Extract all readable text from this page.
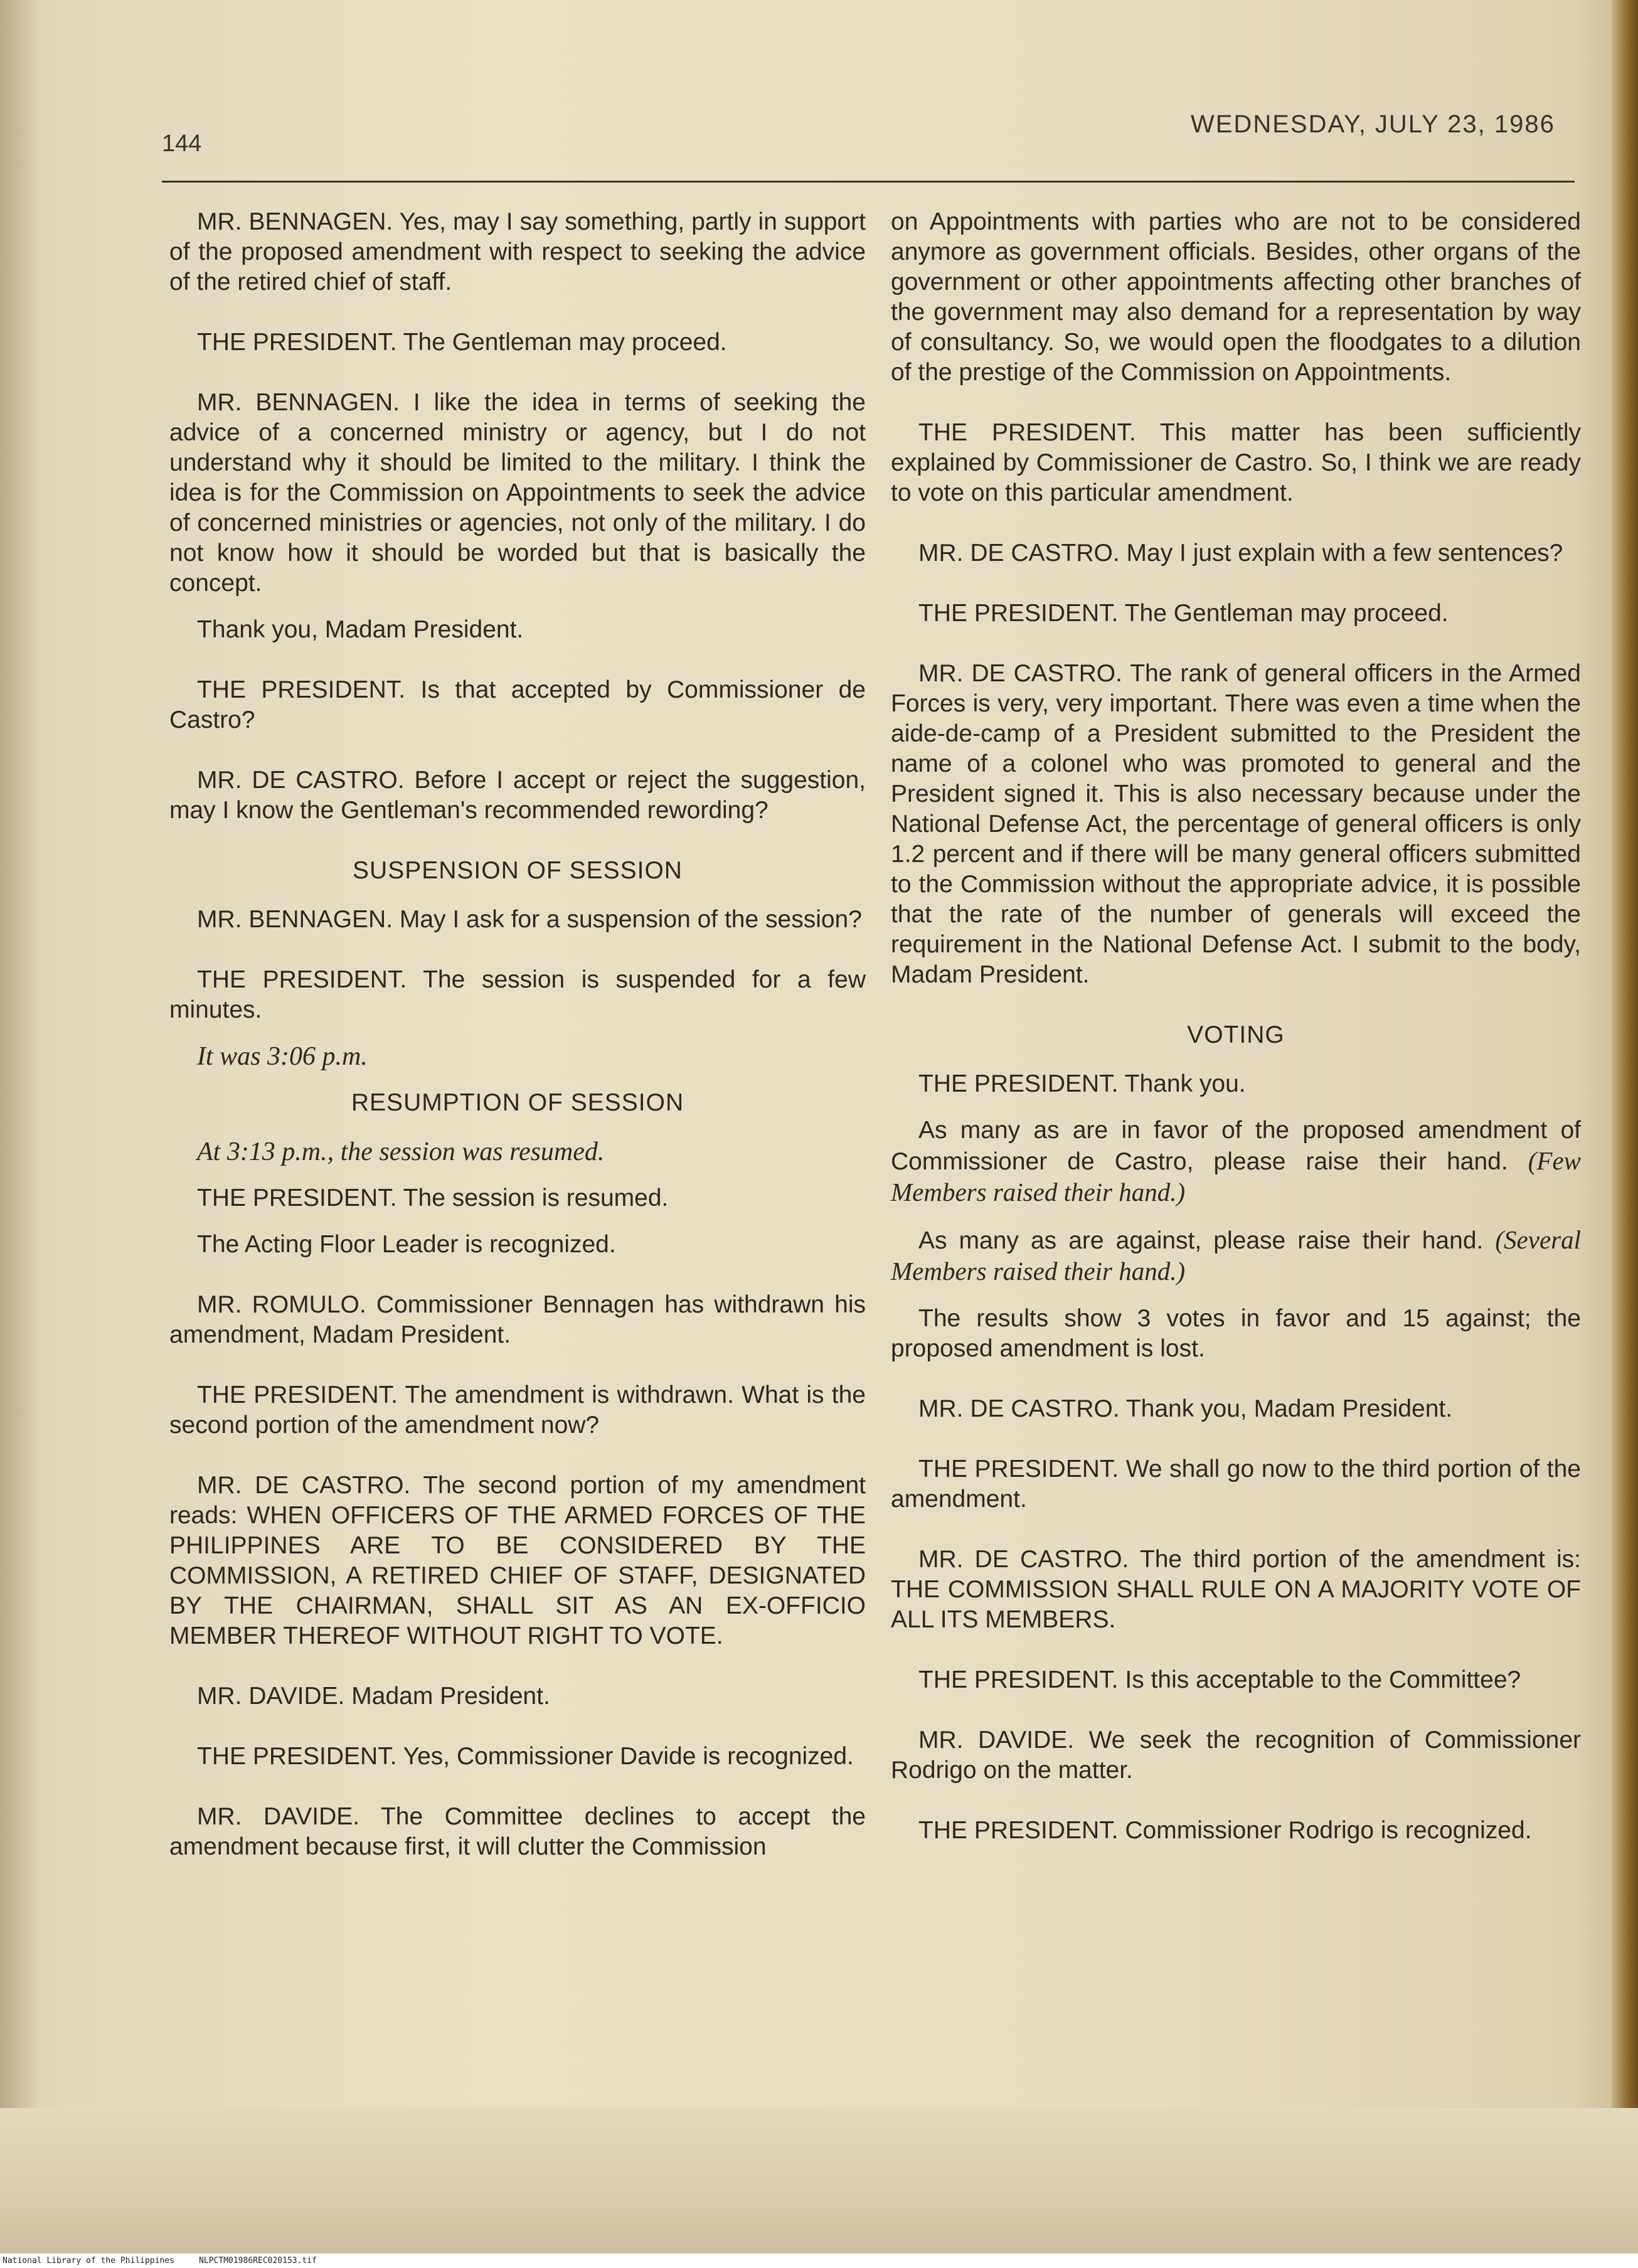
144
WEDNESDAY, JULY 23, 1986

MR. BENNAGEN. Yes, may I say something, partly in support of the proposed amendment with respect to seeking the advice of the retired chief of staff.

THE PRESIDENT. The Gentleman may proceed.

MR. BENNAGEN. I like the idea in terms of seeking the advice of a concerned ministry or agency, but I do not understand why it should be limited to the military. I think the idea is for the Commission on Appointments to seek the advice of concerned ministries or agencies, not only of the military. I do not know how it should be worded but that is basically the concept.

Thank you, Madam President.

THE PRESIDENT. Is that accepted by Commissioner de Castro?

MR. DE CASTRO. Before I accept or reject the suggestion, may I know the Gentleman's recommended rewording?

SUSPENSION OF SESSION

MR. BENNAGEN. May I ask for a suspension of the session?

THE PRESIDENT. The session is suspended for a few minutes.

It was 3:06 p.m.

RESUMPTION OF SESSION

At 3:13 p.m., the session was resumed.

THE PRESIDENT. The session is resumed.

The Acting Floor Leader is recognized.

MR. ROMULO. Commissioner Bennagen has withdrawn his amendment, Madam President.

THE PRESIDENT. The amendment is withdrawn. What is the second portion of the amendment now?

MR. DE CASTRO. The second portion of my amendment reads: WHEN OFFICERS OF THE ARMED FORCES OF THE PHILIPPINES ARE TO BE CONSIDERED BY THE COMMISSION, A RETIRED CHIEF OF STAFF, DESIGNATED BY THE CHAIRMAN, SHALL SIT AS AN EX-OFFICIO MEMBER THEREOF WITHOUT RIGHT TO VOTE.

MR. DAVIDE. Madam President.

THE PRESIDENT. Yes, Commissioner Davide is recognized.

MR. DAVIDE. The Committee declines to accept the amendment because first, it will clutter the Commission

on Appointments with parties who are not to be considered anymore as government officials. Besides, other organs of the government or other appointments affecting other branches of the government may also demand for a representation by way of consultancy. So, we would open the floodgates to a dilution of the prestige of the Commission on Appointments.

THE PRESIDENT. This matter has been sufficiently explained by Commissioner de Castro. So, I think we are ready to vote on this particular amendment.

MR. DE CASTRO. May I just explain with a few sentences?

THE PRESIDENT. The Gentleman may proceed.

MR. DE CASTRO. The rank of general officers in the Armed Forces is very, very important. There was even a time when the aide-de-camp of a President submitted to the President the name of a colonel who was promoted to general and the President signed it. This is also necessary because under the National Defense Act, the percentage of general officers is only 1.2 percent and if there will be many general officers submitted to the Commission without the appropriate advice, it is possible that the rate of the number of generals will exceed the requirement in the National Defense Act. I submit to the body, Madam President.

VOTING

THE PRESIDENT. Thank you.

As many as are in favor of the proposed amendment of Commissioner de Castro, please raise their hand. (Few Members raised their hand.)

As many as are against, please raise their hand. (Several Members raised their hand.)

The results show 3 votes in favor and 15 against; the proposed amendment is lost.

MR. DE CASTRO. Thank you, Madam President.

THE PRESIDENT. We shall go now to the third portion of the amendment.

MR. DE CASTRO. The third portion of the amendment is: THE COMMISSION SHALL RULE ON A MAJORITY VOTE OF ALL ITS MEMBERS.

THE PRESIDENT. Is this acceptable to the Committee?

MR. DAVIDE. We seek the recognition of Commissioner Rodrigo on the matter.

THE PRESIDENT. Commissioner Rodrigo is recognized.

National Library of the Philippines     NLPCTM01986REC020153.tif
